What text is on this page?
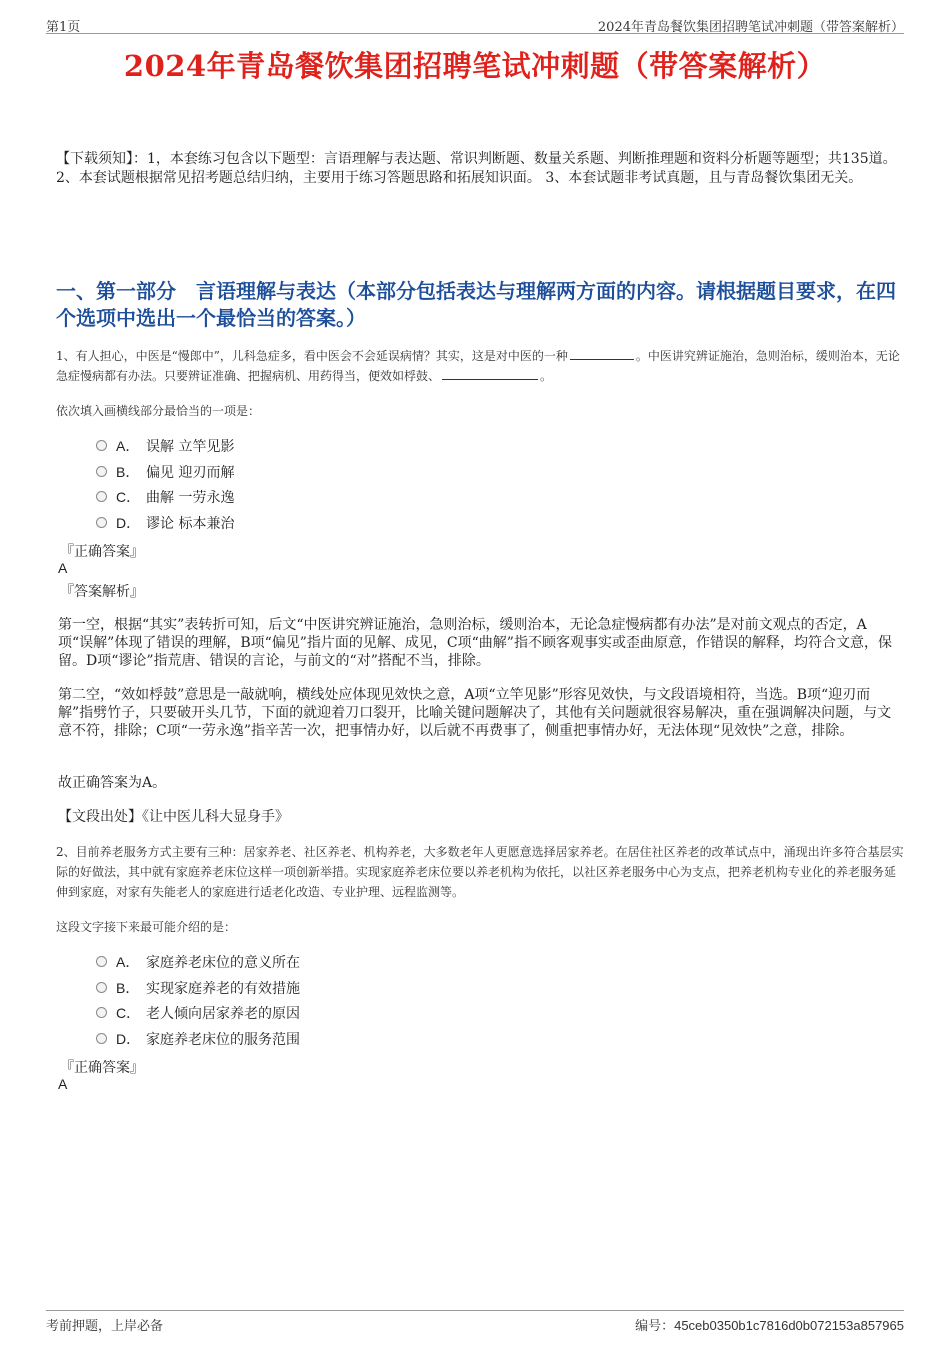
第1页	2024年青岛餐饮集团招聘笔试冲刺题（带答案解析）
2024年青岛餐饮集团招聘笔试冲刺题（带答案解析）

【下载须知】：1，本套练习包含以下题型：言语理解与表达题、常识判断题、数量关系题、判断推理题和资料分析题等题型；共135道。 2、本套试题根据常见招考题总结归纳，主要用于练习答题思路和拓展知识面。 3、本套试题非考试真题，且与青岛餐饮集团无关。

一、第一部分　言语理解与表达（本部分包括表达与理解两方面的内容。请根据题目要求，在四个选项中选出一个最恰当的答案。）

1、有人担心，中医是“慢郎中”，儿科急症多，看中医会不会延误病情？其实，这是对中医的一种	。中医讲究辨证施治，急则治标，缓则治本，无论急症慢病都有办法。只要辨证准确、把握病机、用药得当，便效如桴鼓、	。

依次填入画横线部分最恰当的一项是：

A． 误解 立竿见影
B． 偏见 迎刃而解
C． 曲解 一劳永逸
D． 谬论 标本兼治

『正确答案』

A

『答案解析』

第一空，根据“其实”表转折可知，后文“中医讲究辨证施治，急则治标，缓则治本，无论急症慢病都有办法”是对前文观点的否定，A项“误解”体现了错误的理解，B项“偏见”指片面的见解、成见，C项“曲解”指不顾客观事实或歪曲原意，作错误的解释，均符合文意，保留。D项“谬论”指荒唐、错误的言论，与前文的“对”搭配不当，排除。

第二空，“效如桴鼓”意思是一敲就响，横线处应体现见效快之意，A项“立竿见影”形容见效快，与文段语境相符，当选。B项“迎刃而解”指劈竹子，只要破开头几节，下面的就迎着刀口裂开，比喻关键问题解决了，其他有关问题就很容易解决，重在强调解决问题，与文意不符，排除；C项“一劳永逸”指辛苦一次，把事情办好，以后就不再费事了，侧重把事情办好，无法体现“见效快”之意，排除。

故正确答案为A。

【文段出处】《让中医儿科大显身手》

2、目前养老服务方式主要有三种：居家养老、社区养老、机构养老，大多数老年人更愿意选择居家养老。在居住社区养老的改革试点中，涌现出许多符合基层实际的好做法，其中就有家庭养老床位这样一项创新举措。实现家庭养老床位要以养老机构为依托，以社区养老服务中心为支点，把养老机构专业化的养老服务延伸到家庭，对家有失能老人的家庭进行适老化改造、专业护理、远程监测等。

这段文字接下来最可能介绍的是：

A． 家庭养老床位的意义所在
B． 实现家庭养老的有效措施
C． 老人倾向居家养老的原因
D． 家庭养老床位的服务范围

『正确答案』

A

考前押题，上岸必备	编号：45ceb0350b1c7816d0b072153a857965
